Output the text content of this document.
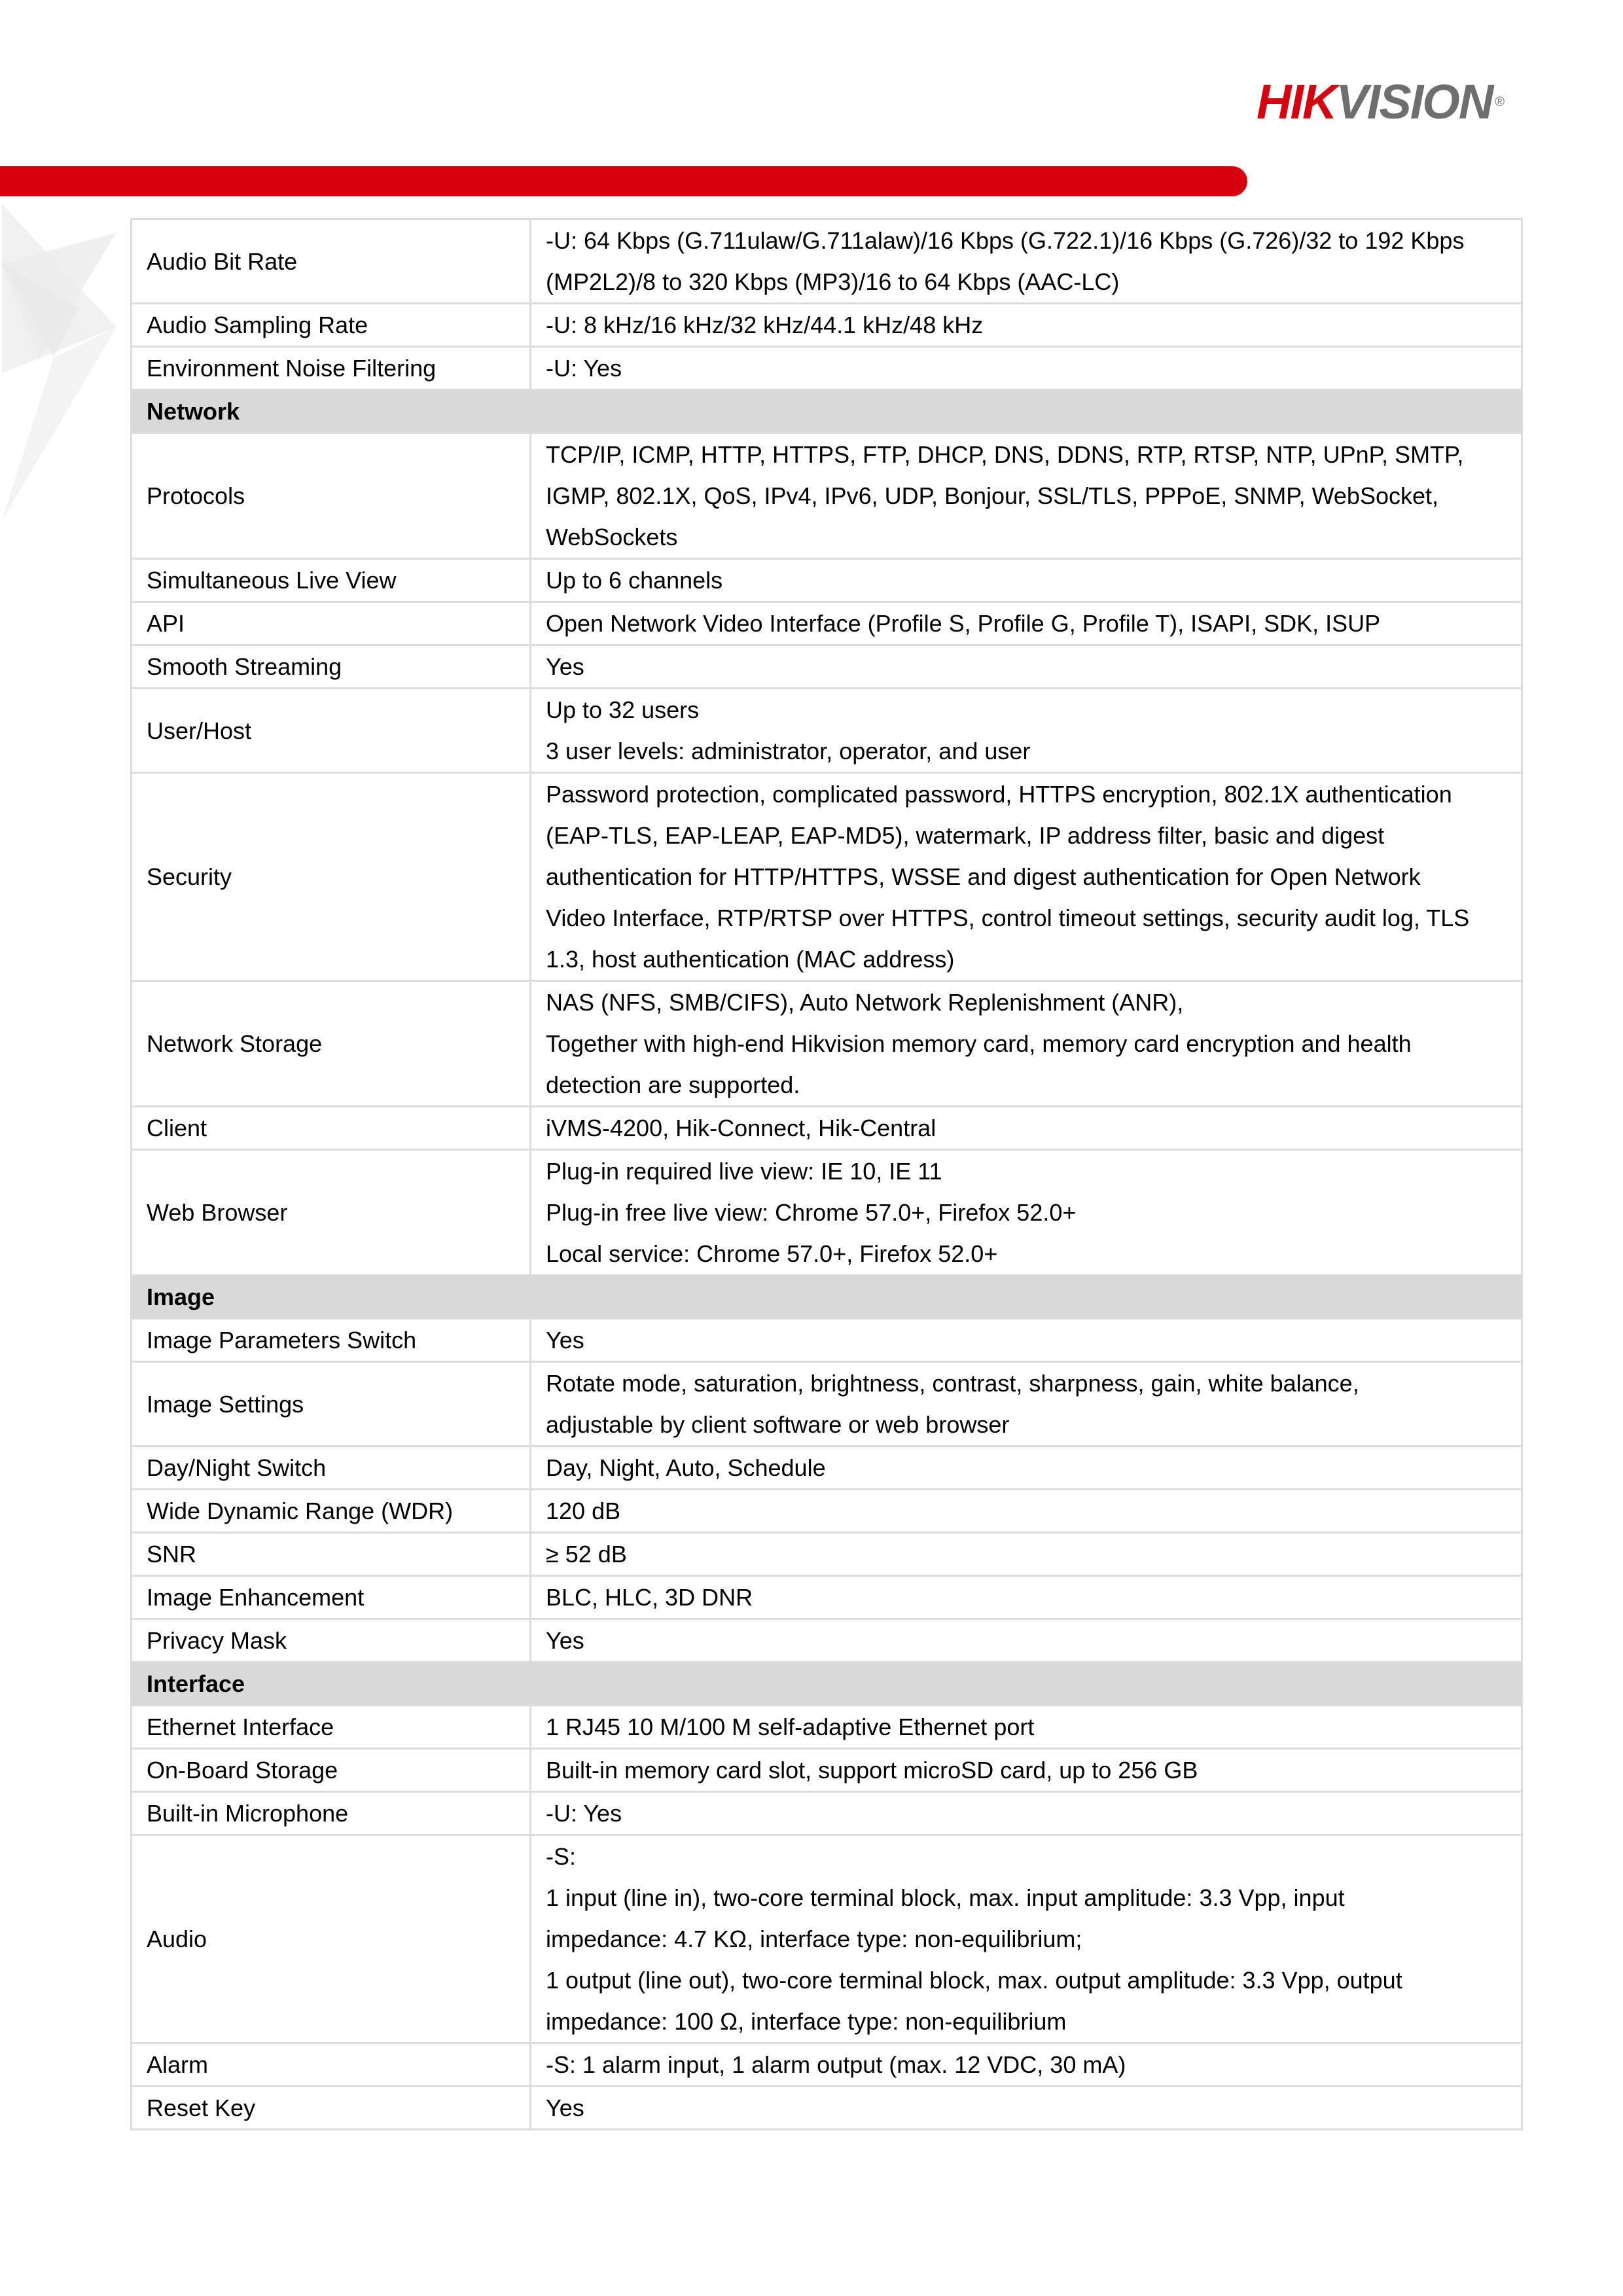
HIKVISION ®
Audio Bit Rate	-U: 64 Kbps (G.711ulaw/G.711alaw)/16 Kbps (G.722.1)/16 Kbps (G.726)/32 to 192 Kbps
(MP2L2)/8 to 320 Kbps (MP3)/16 to 64 Kbps (AAC-LC)

Audio Sampling Rate	-U: 8 kHz/16 kHz/32 kHz/44.1 kHz/48 kHz

Environment Noise Filtering	-U: Yes

Network	
Protocols	TCP/IP, ICMP, HTTP, HTTPS, FTP, DHCP, DNS, DDNS, RTP, RTSP, NTP, UPnP, SMTP,
IGMP, 802.1X, QoS, IPv4, IPv6, UDP, Bonjour, SSL/TLS, PPPoE, SNMP, WebSocket,
WebSockets

Simultaneous Live View	Up to 6 channels

API	Open Network Video Interface (Profile S, Profile G, Profile T), ISAPI, SDK, ISUP

Smooth Streaming	Yes

User/Host	Up to 32 users
3 user levels: administrator, operator, and user

Security	Password protection, complicated password, HTTPS encryption, 802.1X authentication
(EAP-TLS, EAP-LEAP, EAP-MD5), watermark, IP address filter, basic and digest
authentication for HTTP/HTTPS, WSSE and digest authentication for Open Network
Video Interface, RTP/RTSP over HTTPS, control timeout settings, security audit log, TLS
1.3, host authentication (MAC address)

Network Storage	NAS (NFS, SMB/CIFS), Auto Network Replenishment (ANR),
Together with high-end Hikvision memory card, memory card encryption and health
detection are supported.

Client	iVMS-4200, Hik-Connect, Hik-Central

Web Browser	Plug-in required live view: IE 10, IE 11
Plug-in free live view: Chrome 57.0+, Firefox 52.0+
Local service: Chrome 57.0+, Firefox 52.0+

Image	
Image Parameters Switch	Yes

Image Settings	Rotate mode, saturation, brightness, contrast, sharpness, gain, white balance,
adjustable by client software or web browser

Day/Night Switch	Day, Night, Auto, Schedule

Wide Dynamic Range (WDR)	120 dB

SNR	≥ 52 dB

Image Enhancement	BLC, HLC, 3D DNR

Privacy Mask	Yes

Interface	
Ethernet Interface	1 RJ45 10 M/100 M self-adaptive Ethernet port

On-Board Storage	Built-in memory card slot, support microSD card, up to 256 GB

Built-in Microphone	-U: Yes

Audio	-S:
1 input (line in), two-core terminal block, max. input amplitude: 3.3 Vpp, input
impedance: 4.7 KΩ, interface type: non-equilibrium;
1 output (line out), two-core terminal block, max. output amplitude: 3.3 Vpp, output
impedance: 100 Ω, interface type: non-equilibrium

Alarm	-S: 1 alarm input, 1 alarm output (max. 12 VDC, 30 mA)

Reset Key	Yes
